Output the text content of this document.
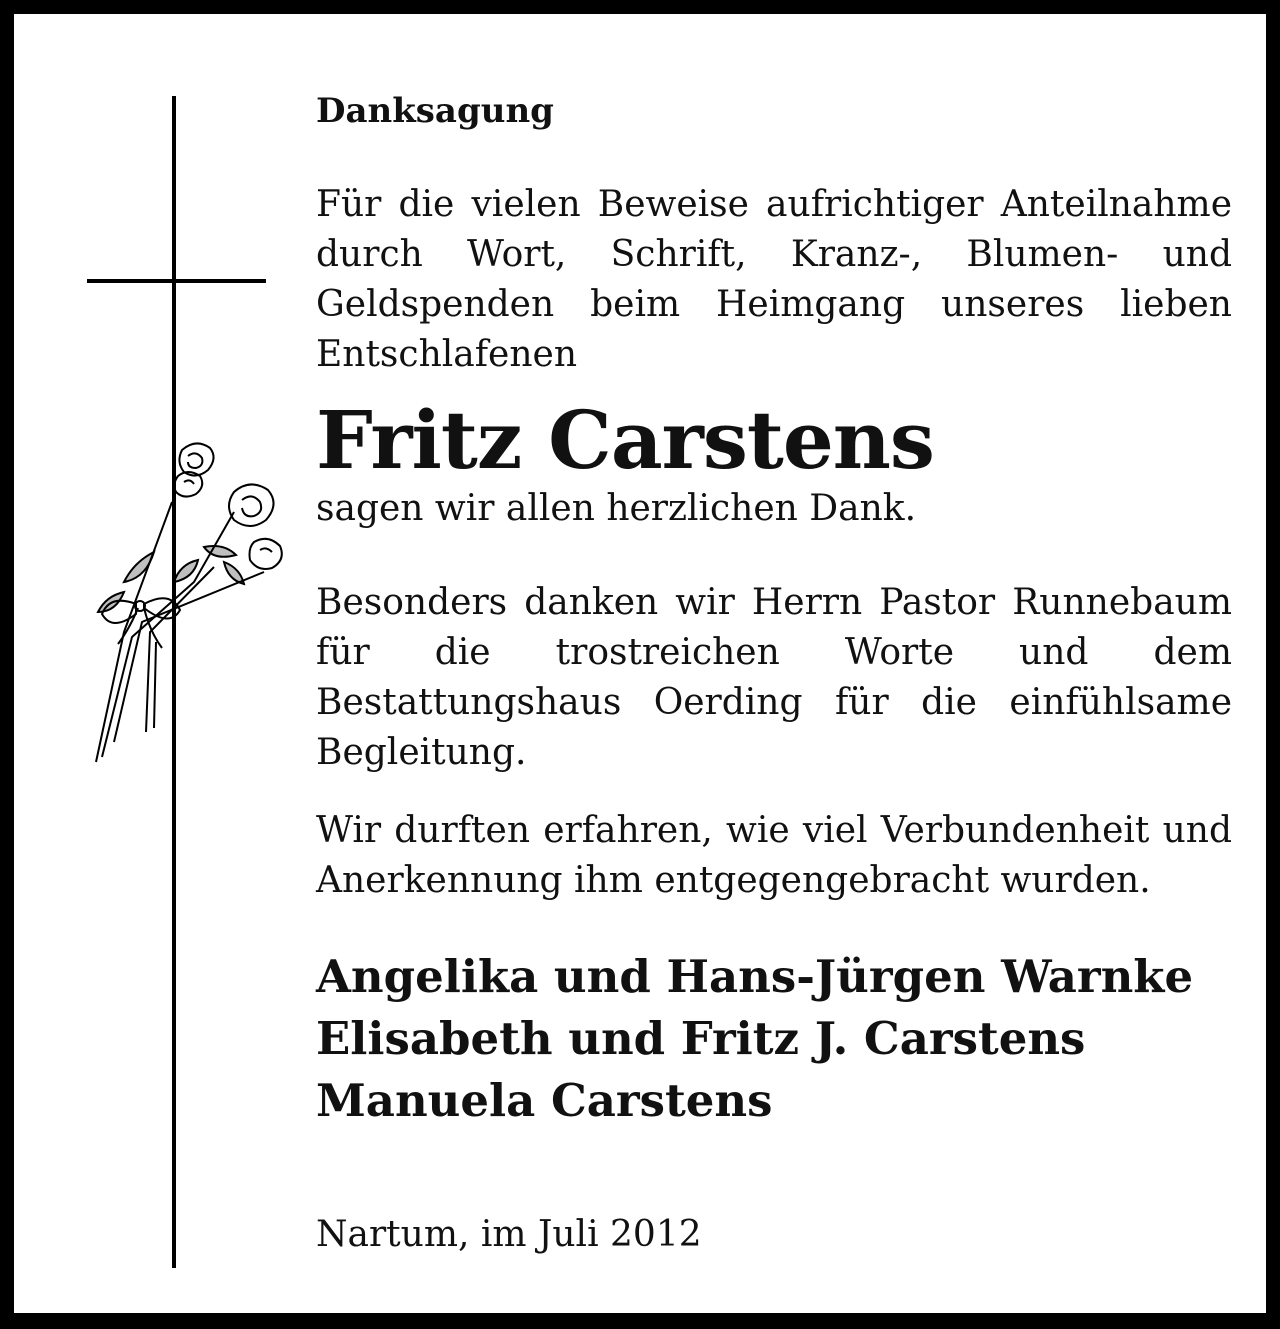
Danksagung

Für die vielen Beweise aufrichtiger Anteilnahme durch Wort, Schrift, Kranz-, Blumen- und Geldspenden beim Heimgang unseres lieben Entschlafenen

Fritz Carstens

sagen wir allen herzlichen Dank.

Besonders danken wir Herrn Pastor Runnebaum für die trostreichen Worte und dem Bestattungshaus Oerding für die einfühlsame Begleitung.

Wir durften erfahren, wie viel Verbundenheit und Anerkennung ihm entgegengebracht wurden.

Angelika und Hans-Jürgen Warnke
Elisabeth und Fritz J. Carstens
Manuela Carstens
Nartum, im Juli 2012
